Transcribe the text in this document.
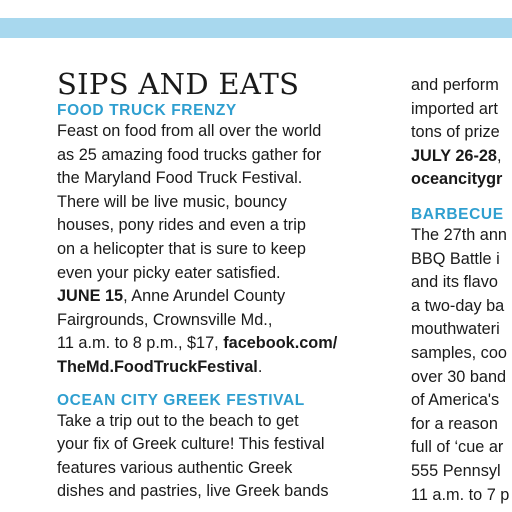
SIPS AND EATS
FOOD TRUCK FRENZY

Feast on food from all over the world

as 25 amazing food trucks gather for

the Maryland Food Truck Festival.

There will be live music, bouncy

houses, pony rides and even a trip

on a helicopter that is sure to keep

even your picky eater satisfied.

JUNE 15, Anne Arundel County

Fairgrounds, Crownsville Md.,

11 a.m. to 8 p.m., $17, facebook.com/

TheMd.FoodTruckFestival.

OCEAN CITY GREEK FESTIVAL

Take a trip out to the beach to get

your fix of Greek culture! This festival

features various authentic Greek

dishes and pastries, live Greek bands

and perform

imported art

tons of prize

JULY 26-28,

oceancitygr

BARBECUE

The 27th ann

BBQ Battle i

and its flavo

a two-day ba

mouthwateri

samples, coo

over 30 band

of America's

for a reason

full of ‘cue ar

555 Pennsyl

11 a.m. to 7 p
